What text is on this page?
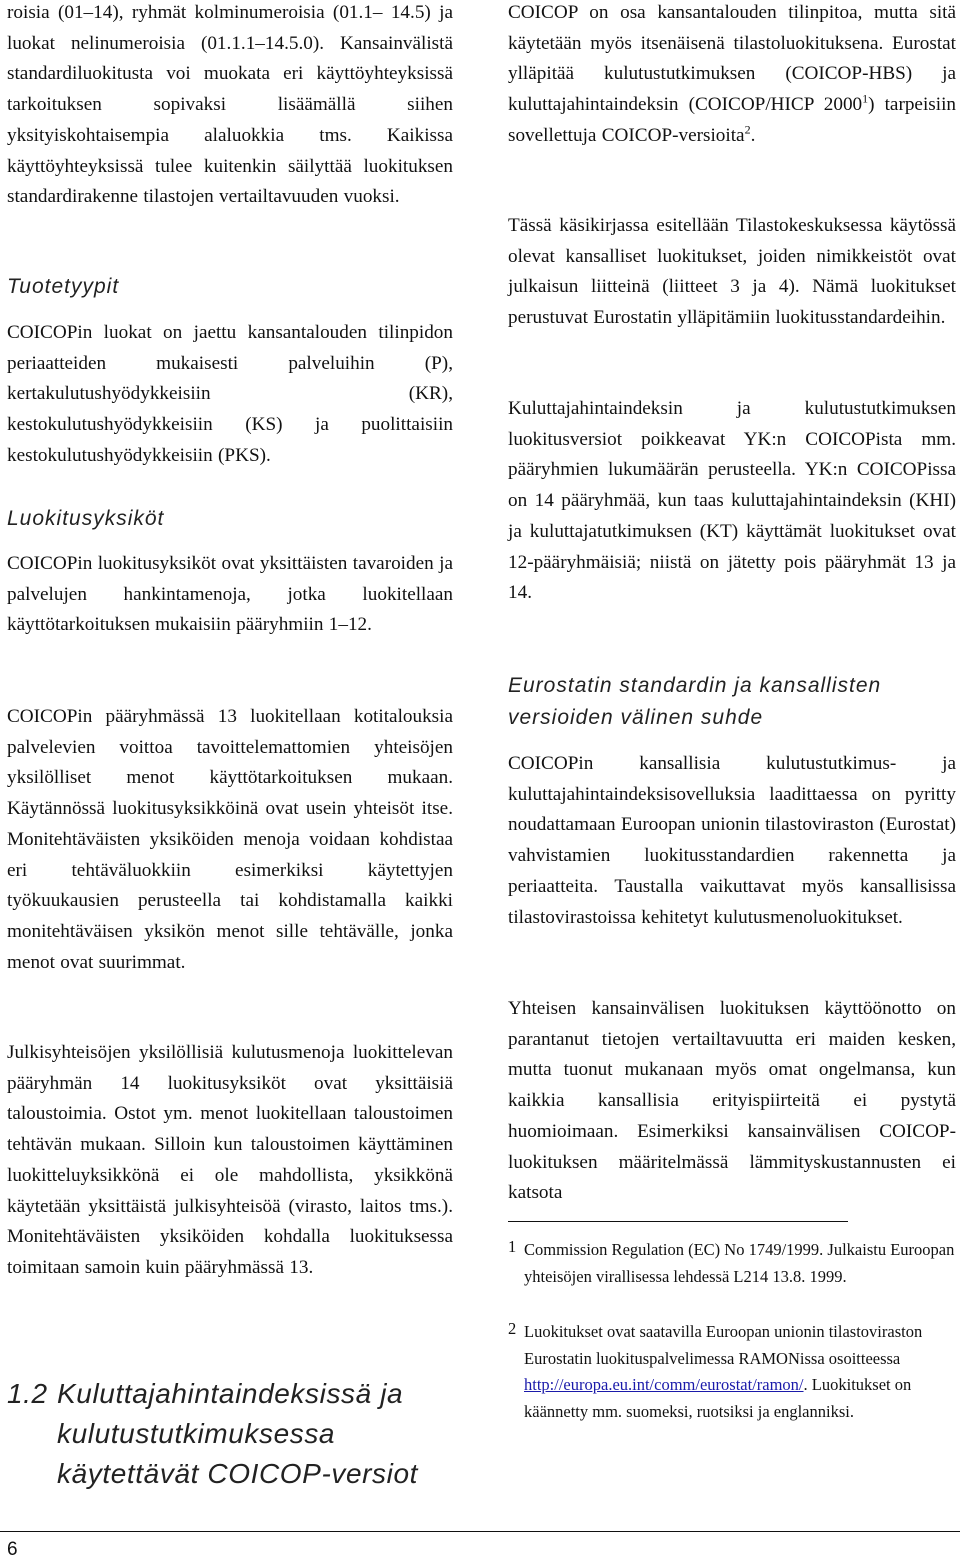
roisia (01–14), ryhmät kolminumeroisia (01.1– 14.5) ja luokat nelinumeroisia (01.1.1–14.5.0). Kansainvälistä standardiluokitusta voi muokata eri käyttöyhteyksissä tarkoituksen sopivaksi lisäämällä siihen yksityiskohtaisempia alaluokkia tms. Kaikissa käyttöyhteyksissä tulee kuitenkin säilyttää luokituksen standardirakenne tilastojen vertailtavuuden vuoksi.

Tuotetyypit

COICOPin luokat on jaettu kansantalouden tilinpidon periaatteiden mukaisesti palveluihin (P), kertakulutushyödykkeisiin (KR), kestokulutushyödykkeisiin (KS) ja puolittaisiin kestokulutushyödykkeisiin (PKS).

Luokitusyksiköt

COICOPin luokitusyksiköt ovat yksittäisten tavaroiden ja palvelujen hankintamenoja, jotka luokitellaan käyttötarkoituksen mukaisiin pääryhmiin 1–12.

COICOPin pääryhmässä 13 luokitellaan kotitalouksia palvelevien voittoa tavoittelemattomien yhteisöjen yksilölliset menot käyttötarkoituksen mukaan. Käytännössä luokitusyksikköinä ovat usein yhteisöt itse. Monitehtäväisten yksiköiden menoja voidaan kohdistaa eri tehtäväluokkiin esimerkiksi käytettyjen työkuukausien perusteella tai kohdistamalla kaikki monitehtäväisen yksikön menot sille tehtävälle, jonka menot ovat suurimmat.

Julkisyhteisöjen yksilöllisiä kulutusmenoja luokittelevan pääryhmän 14 luokitusyksiköt ovat yksittäisiä taloustoimia. Ostot ym. menot luokitellaan taloustoimen tehtävän mukaan. Silloin kun taloustoimen käyttäminen luokitteluyksikkönä ei ole mahdollista, yksikkönä käytetään yksittäistä julkisyhteisöä (virasto, laitos tms.). Monitehtäväisten yksiköiden kohdalla luokituksessa toimitaan samoin kuin pääryhmässä 13.

1.2 Kuluttajahintaindeksissä ja
kulutustutkimuksessa käytettävät COICOP-versiot

COICOP on osa kansantalouden tilinpitoa, mutta sitä käytetään myös itsenäisenä tilastoluokituksena. Eurostat ylläpitää kulutustutkimuksen (COICOP-HBS) ja kuluttajahintaindeksin (COICOP/HICP 2000$^1$) tarpeisiin sovellettuja COICOP-versioita$^2$.

Tässä käsikirjassa esitellään Tilastokeskuksessa käytössä olevat kansalliset luokitukset, joiden nimikkeistöt ovat julkaisun liitteinä (liitteet 3 ja 4). Nämä luokitukset perustuvat Eurostatin ylläpitämiin luokitusstandardeihin.

Kuluttajahintaindeksin ja kulutustutkimuksen luokitusversiot poikkeavat YK:n COICOPista mm. pääryhmien lukumäärän perusteella. YK:n COICOPissa on 14 pääryhmää, kun taas kuluttajahintaindeksin (KHI) ja kuluttajatutkimuksen (KT) käyttämät luokitukset ovat 12-pääryhmäisiä; niistä on jätetty pois pääryhmät 13 ja 14.

Eurostatin standardin ja kansallisten versioiden välinen suhde

COICOPin kansallisia kulutustutkimus- ja kuluttajahintaindeksisovelluksia laadittaessa on pyritty noudattamaan Euroopan unionin tilastoviraston (Eurostat) vahvistamien luokitusstandardien rakennetta ja periaatteita. Taustalla vaikuttavat myös kansallisissa tilastovirastoissa kehitetyt kulutusmenoluokitukset.

Yhteisen kansainvälisen luokituksen käyttöönotto on parantanut tietojen vertailtavuutta eri maiden kesken, mutta tuonut mukanaan myös omat ongelmansa, kun kaikkia kansallisia erityispiirteitä ei pystytä huomioimaan. Esimerkiksi kansainvälisen COICOP-luokituksen määritelmässä lämmityskustannusten ei katsota

1 Commission Regulation (EC) No 1749/1999. Julkaistu Euroopan yhteisöjen virallisessa lehdessä L214 13.8. 1999.
2 Luokitukset ovat saatavilla Euroopan unionin tilastoviraston Eurostatin luokituspalvelimessa RAMONissa osoitteessa http://europa.eu.int/comm/eurostat/ramon/. Luokitukset on käännetty mm. suomeksi, ruotsiksi ja englanniksi.
6
